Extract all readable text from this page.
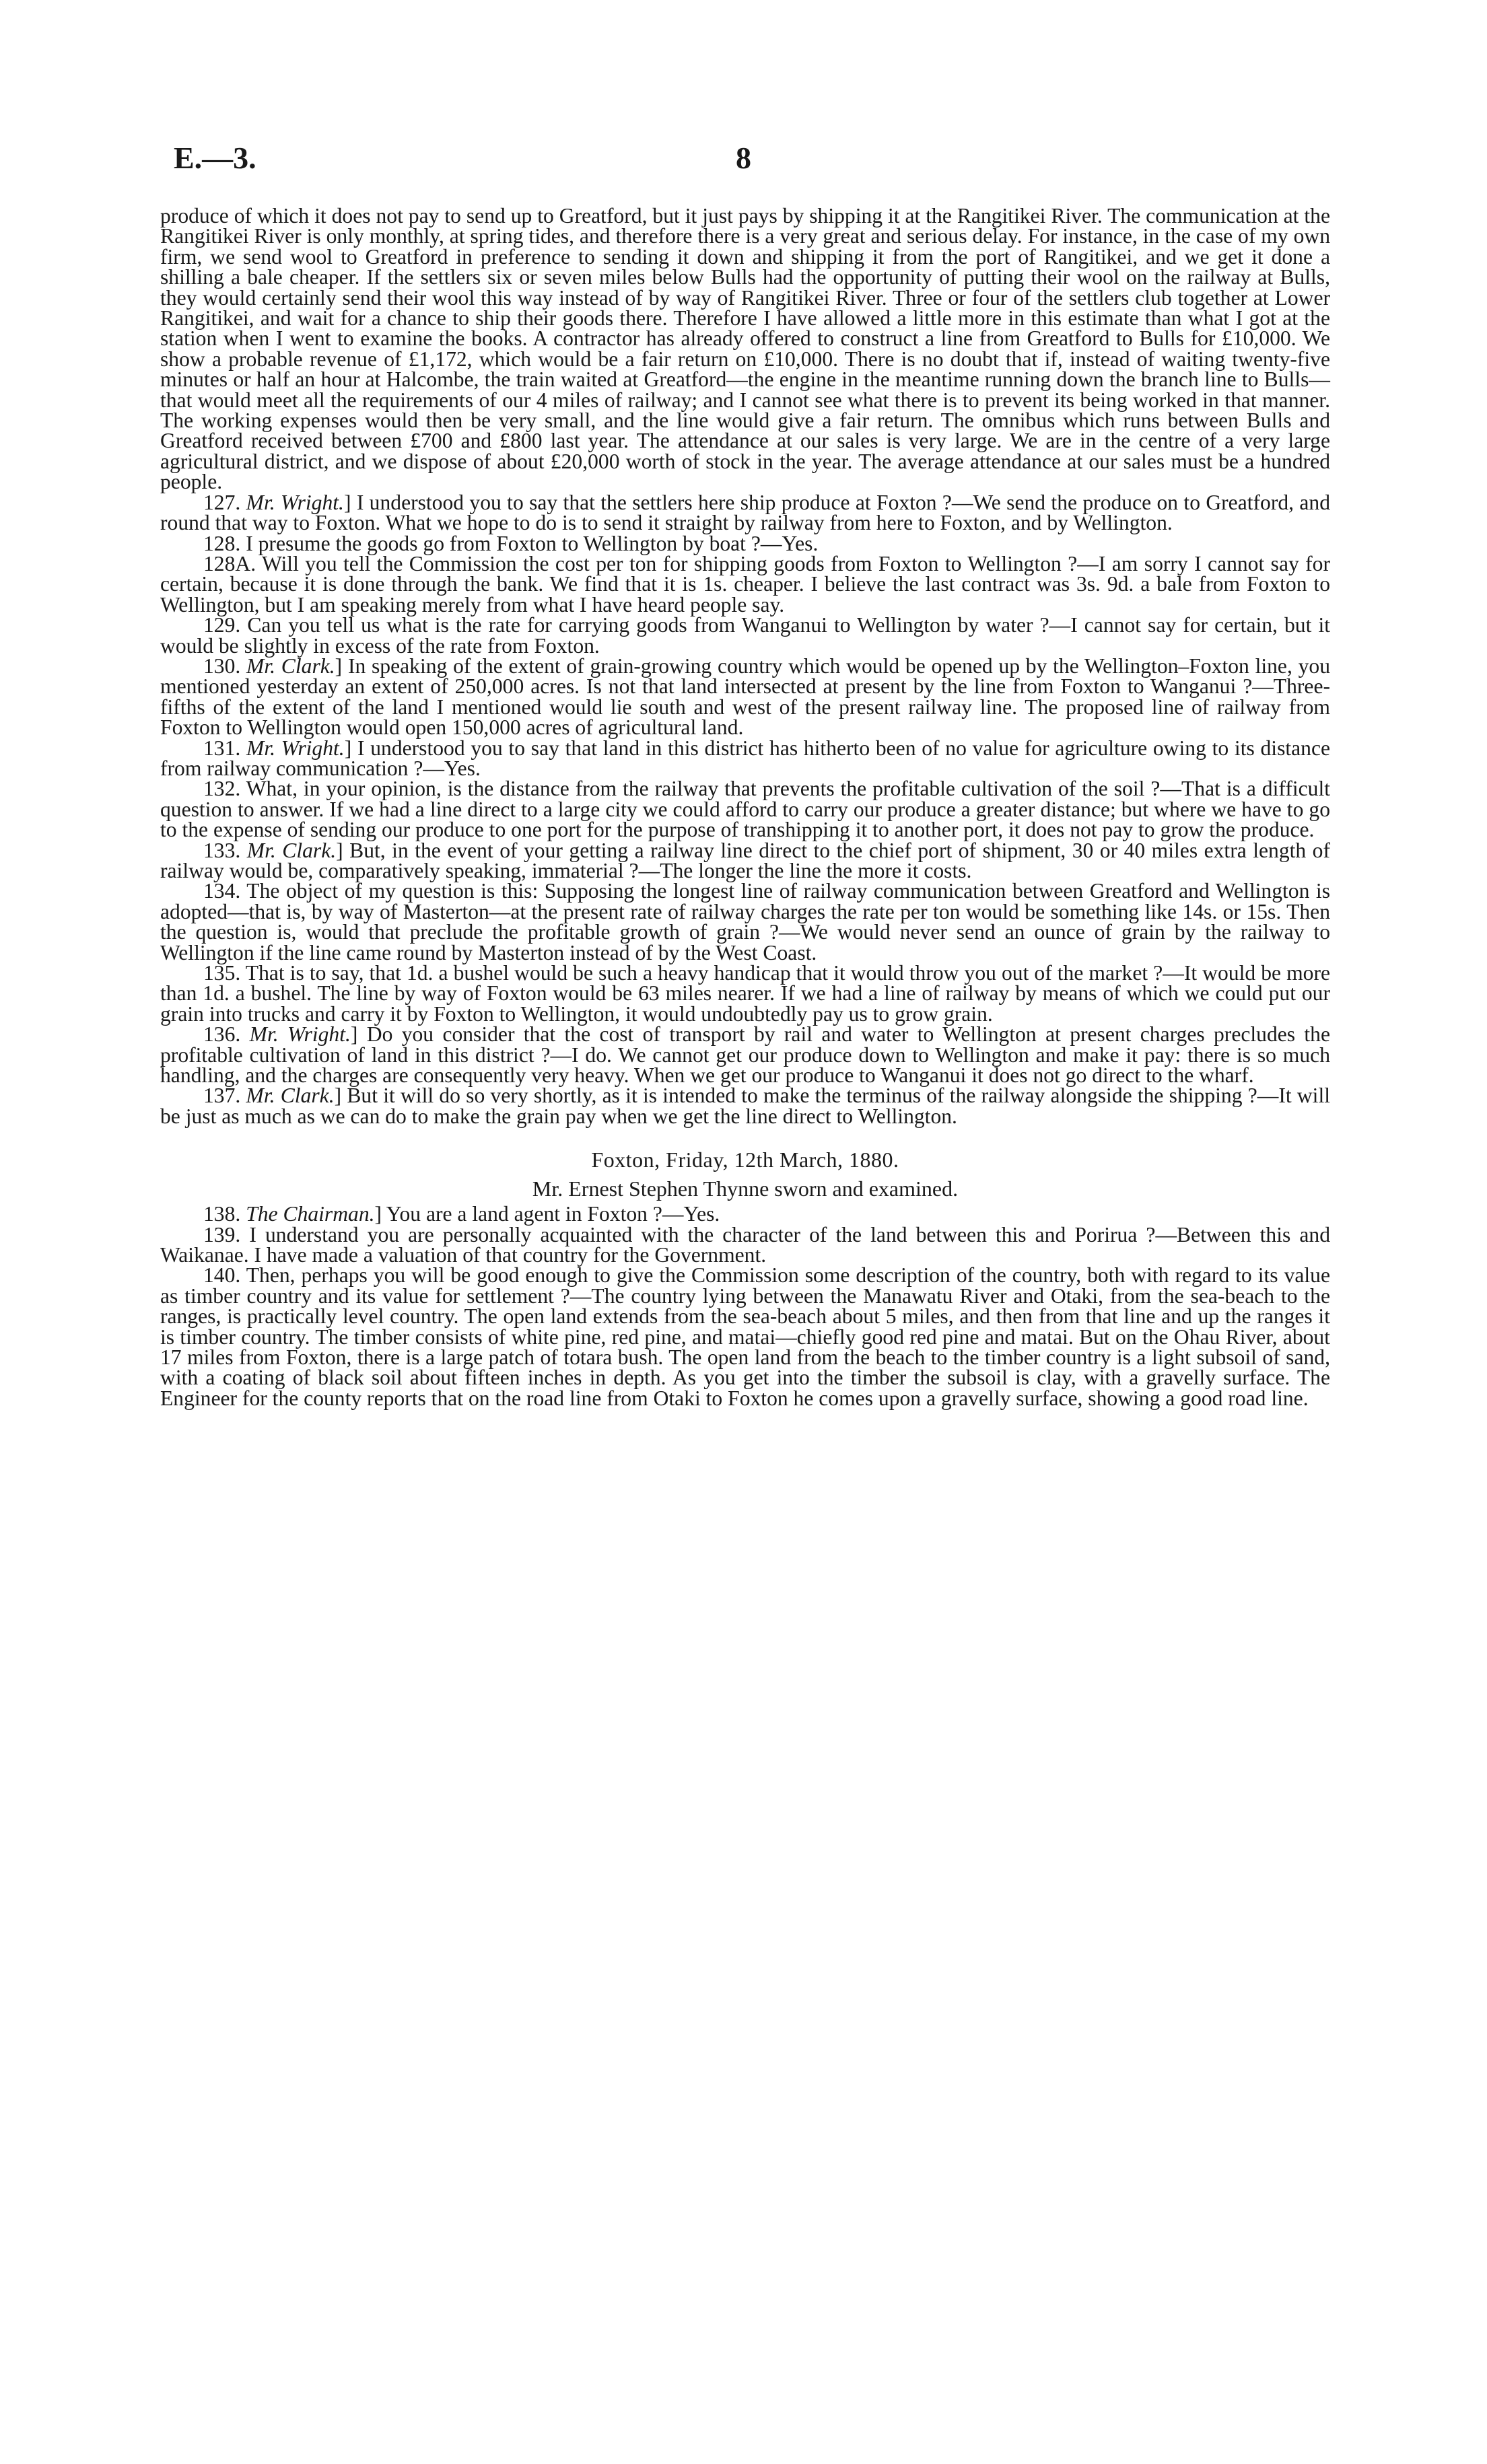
E.—3.	8

produce of which it does not pay to send up to Greatford, but it just pays by shipping it at the Rangitikei River. The communication at the Rangitikei River is only monthly, at spring tides, and therefore there is a very great and serious delay. For instance, in the case of my own firm, we send wool to Greatford in preference to sending it down and shipping it from the port of Rangitikei, and we get it done a shilling a bale cheaper. If the settlers six or seven miles below Bulls had the opportunity of putting their wool on the railway at Bulls, they would certainly send their wool this way instead of by way of Rangitikei River. Three or four of the settlers club together at Lower Rangitikei, and wait for a chance to ship their goods there. Therefore I have allowed a little more in this estimate than what I got at the station when I went to examine the books. A contractor has already offered to construct a line from Greatford to Bulls for £10,000. We show a probable revenue of £1,172, which would be a fair return on £10,000. There is no doubt that if, instead of waiting twenty-five minutes or half an hour at Halcombe, the train waited at Greatford—the engine in the meantime running down the branch line to Bulls—that would meet all the requirements of our 4 miles of railway; and I cannot see what there is to prevent its being worked in that manner. The working expenses would then be very small, and the line would give a fair return. The omnibus which runs between Bulls and Greatford received between £700 and £800 last year. The attendance at our sales is very large. We are in the centre of a very large agricultural district, and we dispose of about £20,000 worth of stock in the year. The average attendance at our sales must be a hundred people.

127. Mr. Wright.] I understood you to say that the settlers here ship produce at Foxton ?—We send the produce on to Greatford, and round that way to Foxton. What we hope to do is to send it straight by railway from here to Foxton, and by Wellington.

128. I presume the goods go from Foxton to Wellington by boat ?—Yes.

128A. Will you tell the Commission the cost per ton for shipping goods from Foxton to Wellington ?—I am sorry I cannot say for certain, because it is done through the bank. We find that it is 1s. cheaper. I believe the last contract was 3s. 9d. a bale from Foxton to Wellington, but I am speaking merely from what I have heard people say.

129. Can you tell us what is the rate for carrying goods from Wanganui to Wellington by water ?—I cannot say for certain, but it would be slightly in excess of the rate from Foxton.

130. Mr. Clark.] In speaking of the extent of grain-growing country which would be opened up by the Wellington–Foxton line, you mentioned yesterday an extent of 250,000 acres. Is not that land intersected at present by the line from Foxton to Wanganui ?—Three-fifths of the extent of the land I mentioned would lie south and west of the present railway line. The proposed line of railway from Foxton to Wellington would open 150,000 acres of agricultural land.

131. Mr. Wright.] I understood you to say that land in this district has hitherto been of no value for agriculture owing to its distance from railway communication ?—Yes.

132. What, in your opinion, is the distance from the railway that prevents the profitable cultivation of the soil ?—That is a difficult question to answer. If we had a line direct to a large city we could afford to carry our produce a greater distance; but where we have to go to the expense of sending our produce to one port for the purpose of transhipping it to another port, it does not pay to grow the produce.

133. Mr. Clark.] But, in the event of your getting a railway line direct to the chief port of shipment, 30 or 40 miles extra length of railway would be, comparatively speaking, immaterial ?—The longer the line the more it costs.

134. The object of my question is this: Supposing the longest line of railway communication between Greatford and Wellington is adopted—that is, by way of Masterton—at the present rate of railway charges the rate per ton would be something like 14s. or 15s. Then the question is, would that preclude the profitable growth of grain ?—We would never send an ounce of grain by the railway to Wellington if the line came round by Masterton instead of by the West Coast.

135. That is to say, that 1d. a bushel would be such a heavy handicap that it would throw you out of the market ?—It would be more than 1d. a bushel. The line by way of Foxton would be 63 miles nearer. If we had a line of railway by means of which we could put our grain into trucks and carry it by Foxton to Wellington, it would undoubtedly pay us to grow grain.

136. Mr. Wright.] Do you consider that the cost of transport by rail and water to Wellington at present charges precludes the profitable cultivation of land in this district ?—I do. We cannot get our produce down to Wellington and make it pay: there is so much handling, and the charges are consequently very heavy. When we get our produce to Wanganui it does not go direct to the wharf.

137. Mr. Clark.] But it will do so very shortly, as it is intended to make the terminus of the railway alongside the shipping ?—It will be just as much as we can do to make the grain pay when we get the line direct to Wellington.

Foxton, Friday, 12th March, 1880.

Mr. Ernest Stephen Thynne sworn and examined.

138. The Chairman.] You are a land agent in Foxton ?—Yes.

139. I understand you are personally acquainted with the character of the land between this and Porirua ?—Between this and Waikanae. I have made a valuation of that country for the Government.

140. Then, perhaps you will be good enough to give the Commission some description of the country, both with regard to its value as timber country and its value for settlement ?—The country lying between the Manawatu River and Otaki, from the sea-beach to the ranges, is practically level country. The open land extends from the sea-beach about 5 miles, and then from that line and up the ranges it is timber country. The timber consists of white pine, red pine, and matai—chiefly good red pine and matai. But on the Ohau River, about 17 miles from Foxton, there is a large patch of totara bush. The open land from the beach to the timber country is a light subsoil of sand, with a coating of black soil about fifteen inches in depth. As you get into the timber the subsoil is clay, with a gravelly surface. The Engineer for the county reports that on the road line from Otaki to Foxton he comes upon a gravelly surface, showing a good road line.
